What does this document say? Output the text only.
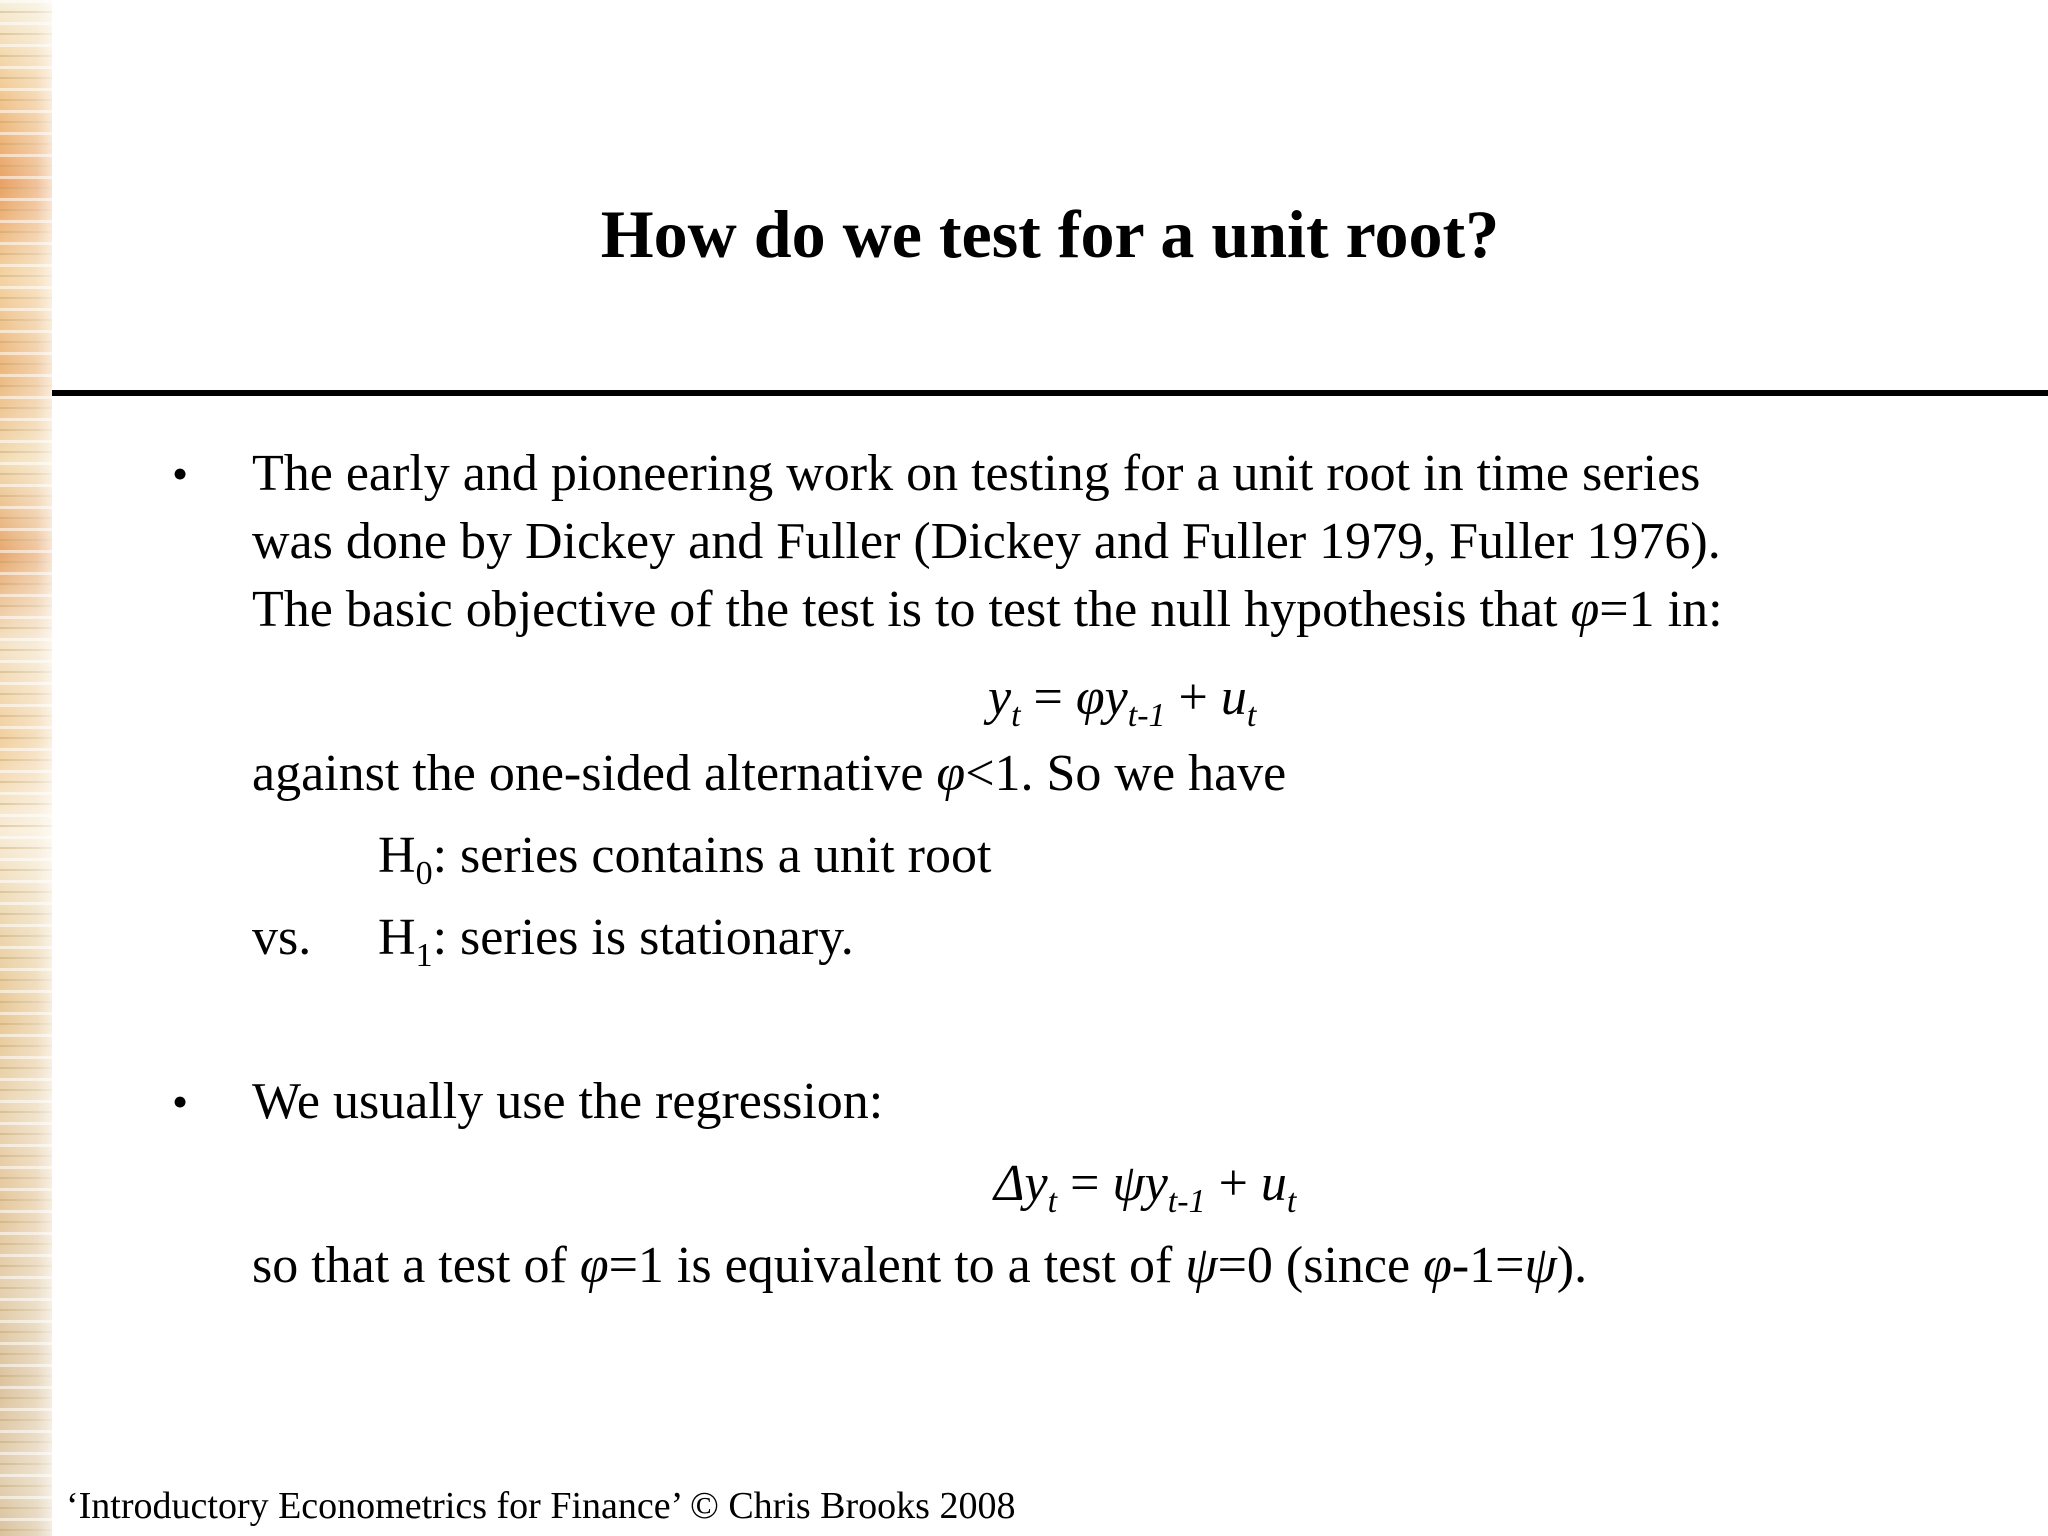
How do we test for a unit root?
• The early and pioneering work on testing for a unit root in time series
was done by Dickey and Fuller (Dickey and Fuller 1979, Fuller 1976).
The basic objective of the test is to test the null hypothesis that φ=1 in:
$y_t = \varphi y_{t-1} + u_t$
against the one-sided alternative φ<1. So we have
$H_0$: series contains a unit root
vs. $H_1$: series is stationary.
• We usually use the regression:
$\Delta y_t = \psi y_{t-1} + u_t$
so that a test of φ=1 is equivalent to a test of ψ=0 (since φ-1=ψ).
‘Introductory Econometrics for Finance’ © Chris Brooks 2008
